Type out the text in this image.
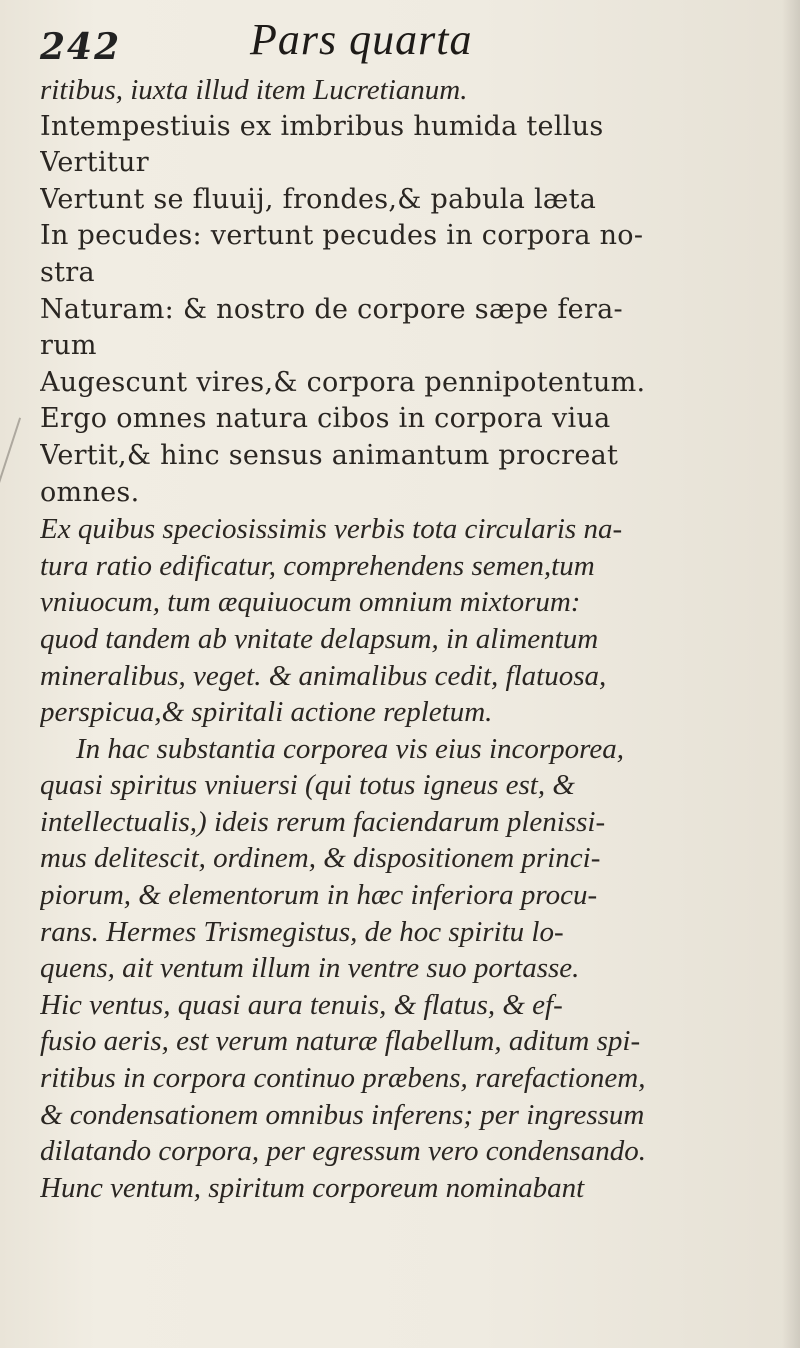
242	Pars quarta
ritibus, iuxta illud item Lucretianum.
Intempestiuis ex imbribus humida tellus
Vertitur
Vertunt se fluuij, frondes,& pabula læta
In pecudes: vertunt pecudes in corpora no-
stra
Naturam: & nostro de corpore sæpe fera-
rum
Augescunt vires,& corpora pennipotentum.
Ergo omnes natura cibos in corpora viua
Vertit,& hinc sensus animantum procreat
omnes.
Ex quibus speciosissimis verbis tota circularis na-
tura ratio edificatur, comprehendens semen,tum
vniuocum, tum æquiuocum omnium mixtorum:
quod tandem ab vnitate delapsum, in alimentum
mineralibus, veget. & animalibus cedit, flatuosa,
perspicua,& spiritali actione repletum.
In hac substantia corporea vis eius incorporea,
quasi spiritus vniuersi (qui totus igneus est, &
intellectualis,) ideis rerum faciendarum plenissi-
mus delitescit, ordinem, & dispositionem princi-
piorum, & elementorum in hæc inferiora procu-
rans. Hermes Trismegistus, de hoc spiritu lo-
quens, ait ventum illum in ventre suo portasse.
Hic ventus, quasi aura tenuis, & flatus, & ef-
fusio aeris, est verum naturæ flabellum, aditum spi-
ritibus in corpora continuo præbens, rarefactionem,
& condensationem omnibus inferens; per ingressum
dilatando corpora, per egressum vero condensando.
Hunc ventum, spiritum corporeum nominabant
